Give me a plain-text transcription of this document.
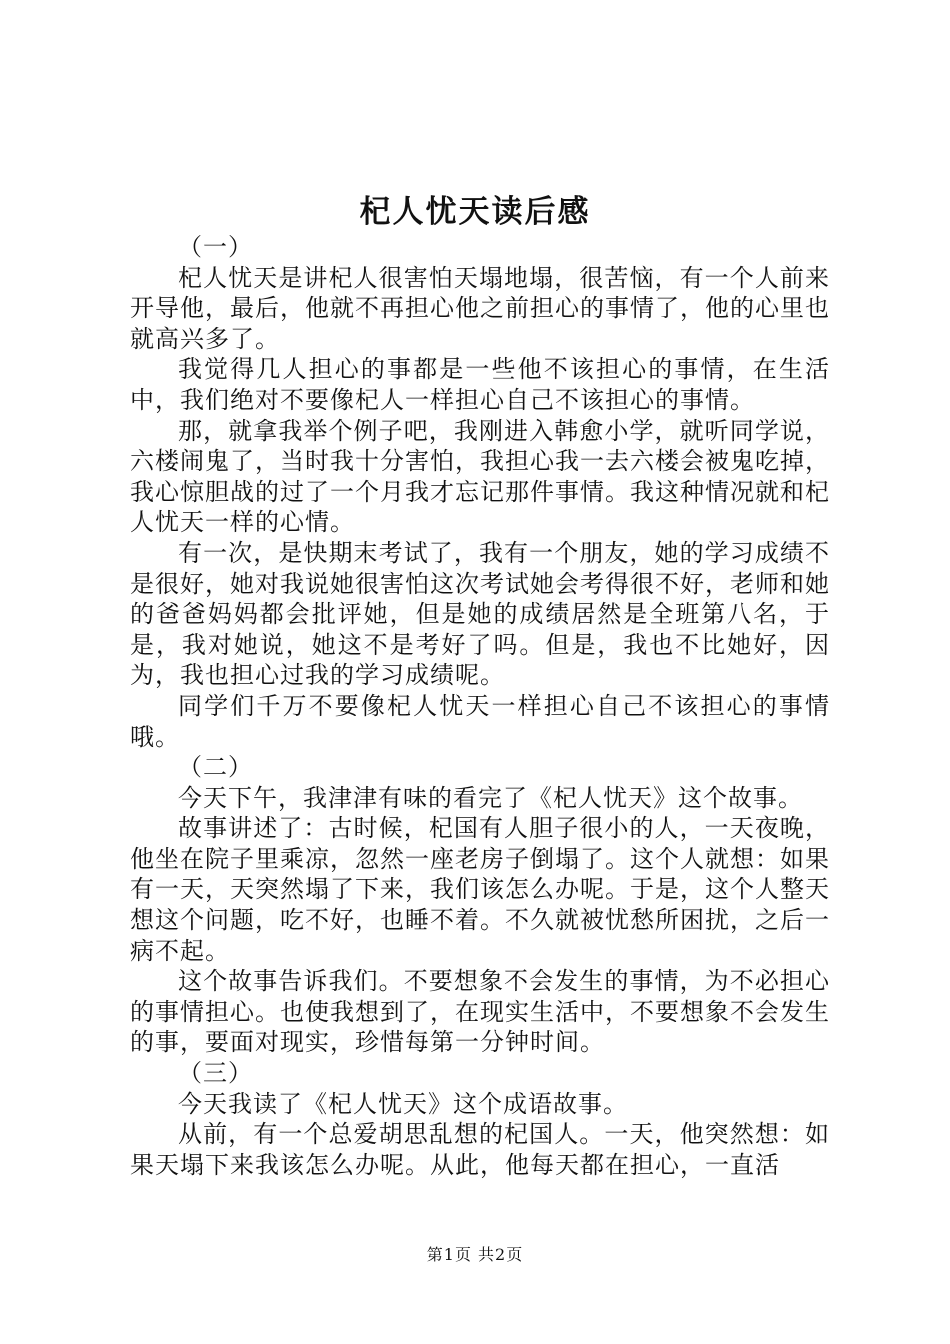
杞人忧天读后感

（一）

杞人忧天是讲杞人很害怕天塌地塌，很苦恼，有一个人前来开导他，最后，他就不再担心他之前担心的事情了，他的心里也就高兴多了。

我觉得几人担心的事都是一些他不该担心的事情，在生活中，我们绝对不要像杞人一样担心自己不该担心的事情。

那，就拿我举个例子吧，我刚进入韩愈小学，就听同学说，六楼闹鬼了，当时我十分害怕，我担心我一去六楼会被鬼吃掉，我心惊胆战的过了一个月我才忘记那件事情。我这种情况就和杞人忧天一样的心情。

有一次，是快期末考试了，我有一个朋友，她的学习成绩不是很好，她对我说她很害怕这次考试她会考得很不好，老师和她的爸爸妈妈都会批评她，但是她的成绩居然是全班第八名，于是，我对她说，她这不是考好了吗。但是，我也不比她好，因为，我也担心过我的学习成绩呢。

同学们千万不要像杞人忧天一样担心自己不该担心的事情哦。

（二）

今天下午，我津津有味的看完了《杞人忧天》这个故事。

故事讲述了：古时候，杞国有人胆子很小的人，一天夜晚，他坐在院子里乘凉，忽然一座老房子倒塌了。这个人就想：如果有一天，天突然塌了下来，我们该怎么办呢。于是，这个人整天想这个问题，吃不好，也睡不着。不久就被忧愁所困扰，之后一病不起。

这个故事告诉我们。不要想象不会发生的事情，为不必担心的事情担心。也使我想到了，在现实生活中，不要想象不会发生的事，要面对现实，珍惜每第一分钟时间。

（三）

今天我读了《杞人忧天》这个成语故事。

从前，有一个总爱胡思乱想的杞国人。一天，他突然想：如果天塌下来我该怎么办呢。从此，他每天都在担心，一直活

第1页 共2页
